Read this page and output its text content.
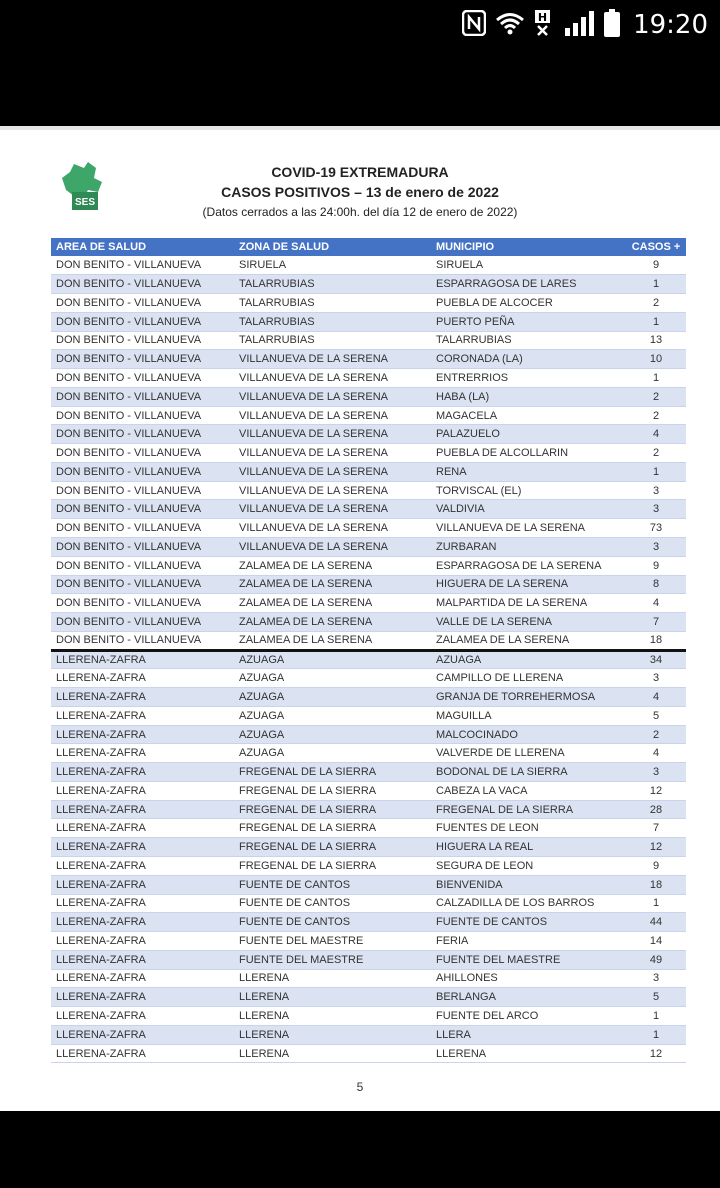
H	19:20
SES
COVID-19 EXTREMADURA
CASOS POSITIVOS – 13 de enero de 2022
(Datos cerrados a las 24:00h. del día 12 de enero de 2022)
AREA DE SALUD	ZONA DE SALUD	MUNICIPIO	CASOS +
DON BENITO - VILLANUEVA	SIRUELA	SIRUELA	9
DON BENITO - VILLANUEVA	TALARRUBIAS	ESPARRAGOSA DE LARES	1
DON BENITO - VILLANUEVA	TALARRUBIAS	PUEBLA DE ALCOCER	2
DON BENITO - VILLANUEVA	TALARRUBIAS	PUERTO PEÑA	1
DON BENITO - VILLANUEVA	TALARRUBIAS	TALARRUBIAS	13
DON BENITO - VILLANUEVA	VILLANUEVA DE LA SERENA	CORONADA (LA)	10
DON BENITO - VILLANUEVA	VILLANUEVA DE LA SERENA	ENTRERRIOS	1
DON BENITO - VILLANUEVA	VILLANUEVA DE LA SERENA	HABA (LA)	2
DON BENITO - VILLANUEVA	VILLANUEVA DE LA SERENA	MAGACELA	2
DON BENITO - VILLANUEVA	VILLANUEVA DE LA SERENA	PALAZUELO	4
DON BENITO - VILLANUEVA	VILLANUEVA DE LA SERENA	PUEBLA DE ALCOLLARIN	2
DON BENITO - VILLANUEVA	VILLANUEVA DE LA SERENA	RENA	1
DON BENITO - VILLANUEVA	VILLANUEVA DE LA SERENA	TORVISCAL (EL)	3
DON BENITO - VILLANUEVA	VILLANUEVA DE LA SERENA	VALDIVIA	3
DON BENITO - VILLANUEVA	VILLANUEVA DE LA SERENA	VILLANUEVA DE LA SERENA	73
DON BENITO - VILLANUEVA	VILLANUEVA DE LA SERENA	ZURBARAN	3
DON BENITO - VILLANUEVA	ZALAMEA DE LA SERENA	ESPARRAGOSA DE LA SERENA	9
DON BENITO - VILLANUEVA	ZALAMEA DE LA SERENA	HIGUERA DE LA SERENA	8
DON BENITO - VILLANUEVA	ZALAMEA DE LA SERENA	MALPARTIDA DE LA SERENA	4
DON BENITO - VILLANUEVA	ZALAMEA DE LA SERENA	VALLE DE LA SERENA	7
DON BENITO - VILLANUEVA	ZALAMEA DE LA SERENA	ZALAMEA DE LA SERENA	18
LLERENA-ZAFRA	AZUAGA	AZUAGA	34
LLERENA-ZAFRA	AZUAGA	CAMPILLO DE LLERENA	3
LLERENA-ZAFRA	AZUAGA	GRANJA DE TORREHERMOSA	4
LLERENA-ZAFRA	AZUAGA	MAGUILLA	5
LLERENA-ZAFRA	AZUAGA	MALCOCINADO	2
LLERENA-ZAFRA	AZUAGA	VALVERDE DE LLERENA	4
LLERENA-ZAFRA	FREGENAL DE LA SIERRA	BODONAL DE LA SIERRA	3
LLERENA-ZAFRA	FREGENAL DE LA SIERRA	CABEZA LA VACA	12
LLERENA-ZAFRA	FREGENAL DE LA SIERRA	FREGENAL DE LA SIERRA	28
LLERENA-ZAFRA	FREGENAL DE LA SIERRA	FUENTES DE LEON	7
LLERENA-ZAFRA	FREGENAL DE LA SIERRA	HIGUERA LA REAL	12
LLERENA-ZAFRA	FREGENAL DE LA SIERRA	SEGURA DE LEON	9
LLERENA-ZAFRA	FUENTE DE CANTOS	BIENVENIDA	18
LLERENA-ZAFRA	FUENTE DE CANTOS	CALZADILLA DE LOS BARROS	1
LLERENA-ZAFRA	FUENTE DE CANTOS	FUENTE DE CANTOS	44
LLERENA-ZAFRA	FUENTE DEL MAESTRE	FERIA	14
LLERENA-ZAFRA	FUENTE DEL MAESTRE	FUENTE DEL MAESTRE	49
LLERENA-ZAFRA	LLERENA	AHILLONES	3
LLERENA-ZAFRA	LLERENA	BERLANGA	5
LLERENA-ZAFRA	LLERENA	FUENTE DEL ARCO	1
LLERENA-ZAFRA	LLERENA	LLERA	1
LLERENA-ZAFRA	LLERENA	LLERENA	12
5
